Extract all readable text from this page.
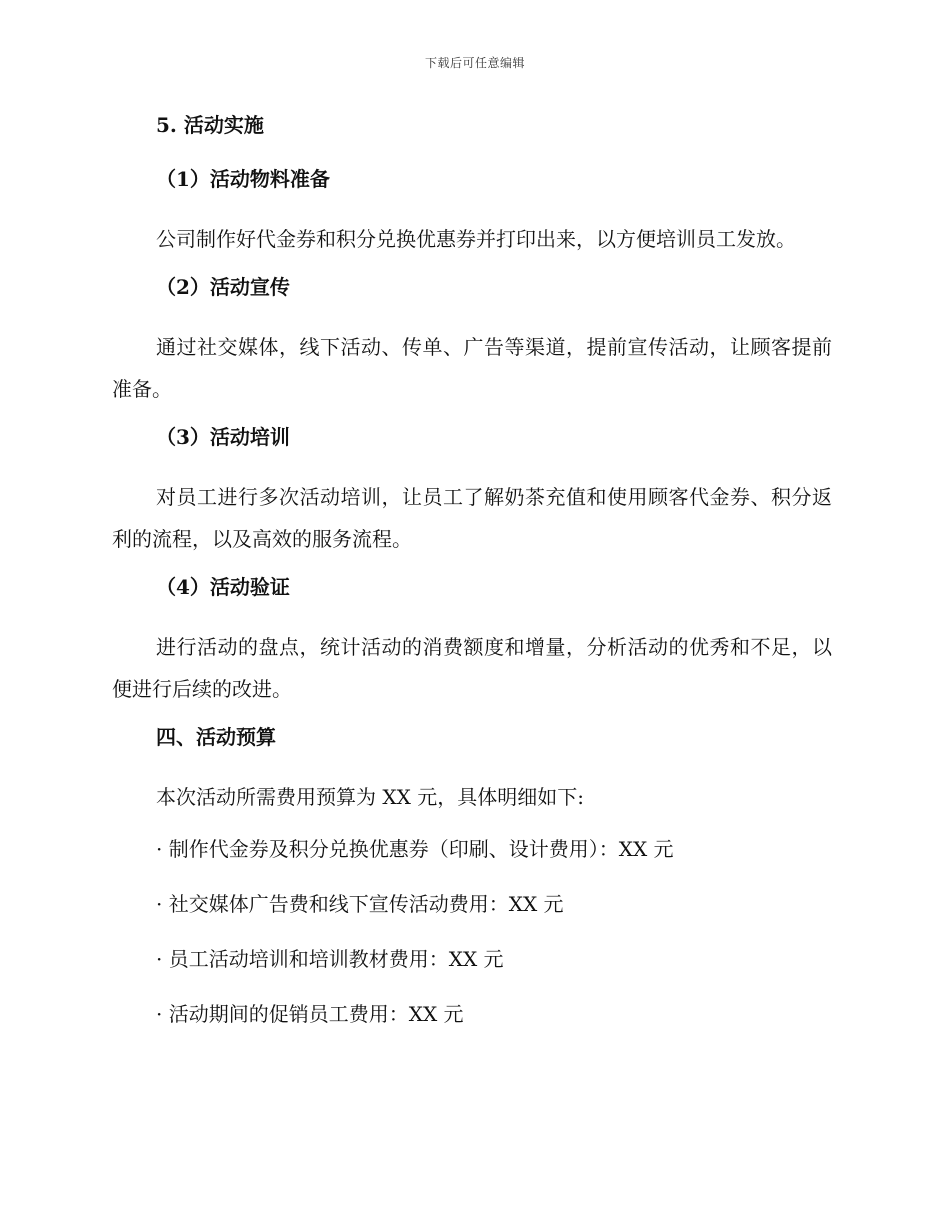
下载后可任意编辑
5. 活动实施
（1）活动物料准备

公司制作好代金券和积分兑换优惠券并打印出来，以方便培训员工发放。

（2）活动宣传

通过社交媒体，线下活动、传单、广告等渠道，提前宣传活动，让顾客提前准备。

（3）活动培训

对员工进行多次活动培训，让员工了解奶茶充值和使用顾客代金券、积分返利的流程，以及高效的服务流程。

（4）活动验证

进行活动的盘点，统计活动的消费额度和增量，分析活动的优秀和不足，以便进行后续的改进。

四、活动预算

本次活动所需费用预算为 XX 元，具体明细如下:

· 制作代金券及积分兑换优惠券（印刷、设计费用）：XX 元
· 社交媒体广告费和线下宣传活动费用：XX 元
· 员工活动培训和培训教材费用：XX 元
· 活动期间的促销员工费用：XX 元
